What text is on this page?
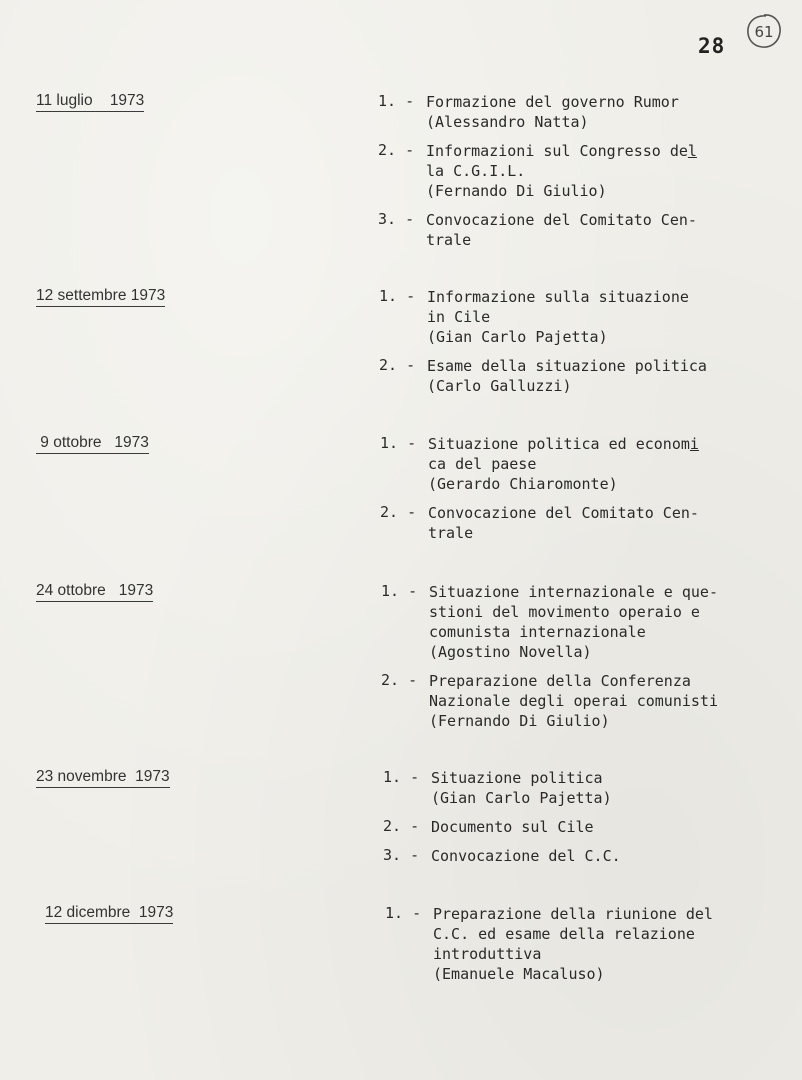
28
61
11 luglio    1973	1. - Formazione del governo Rumor
(Alessandro Natta)
2. - Informazioni sul Congresso del
la C.G.I.L.
(Fernando Di Giulio)
3. - Convocazione del Comitato Cen-
trale
12 settembre 1973	1. - Informazione sulla situazione
in Cile
(Gian Carlo Pajetta)
2. - Esame della situazione politica
(Carlo Galluzzi)
9 ottobre   1973	1. - Situazione politica ed economi
ca del paese
(Gerardo Chiaromonte)
2. - Convocazione del Comitato Cen-
trale
24 ottobre   1973	1. - Situazione internazionale e que-
stioni del movimento operaio e
comunista internazionale
(Agostino Novella)
2. - Preparazione della Conferenza
Nazionale degli operai comunisti
(Fernando Di Giulio)
23 novembre  1973	1. - Situazione politica
(Gian Carlo Pajetta)
2. - Documento sul Cile
3. - Convocazione del C.C.
12 dicembre  1973	1. - Preparazione della riunione del
C.C. ed esame della relazione
introduttiva
(Emanuele Macaluso)
